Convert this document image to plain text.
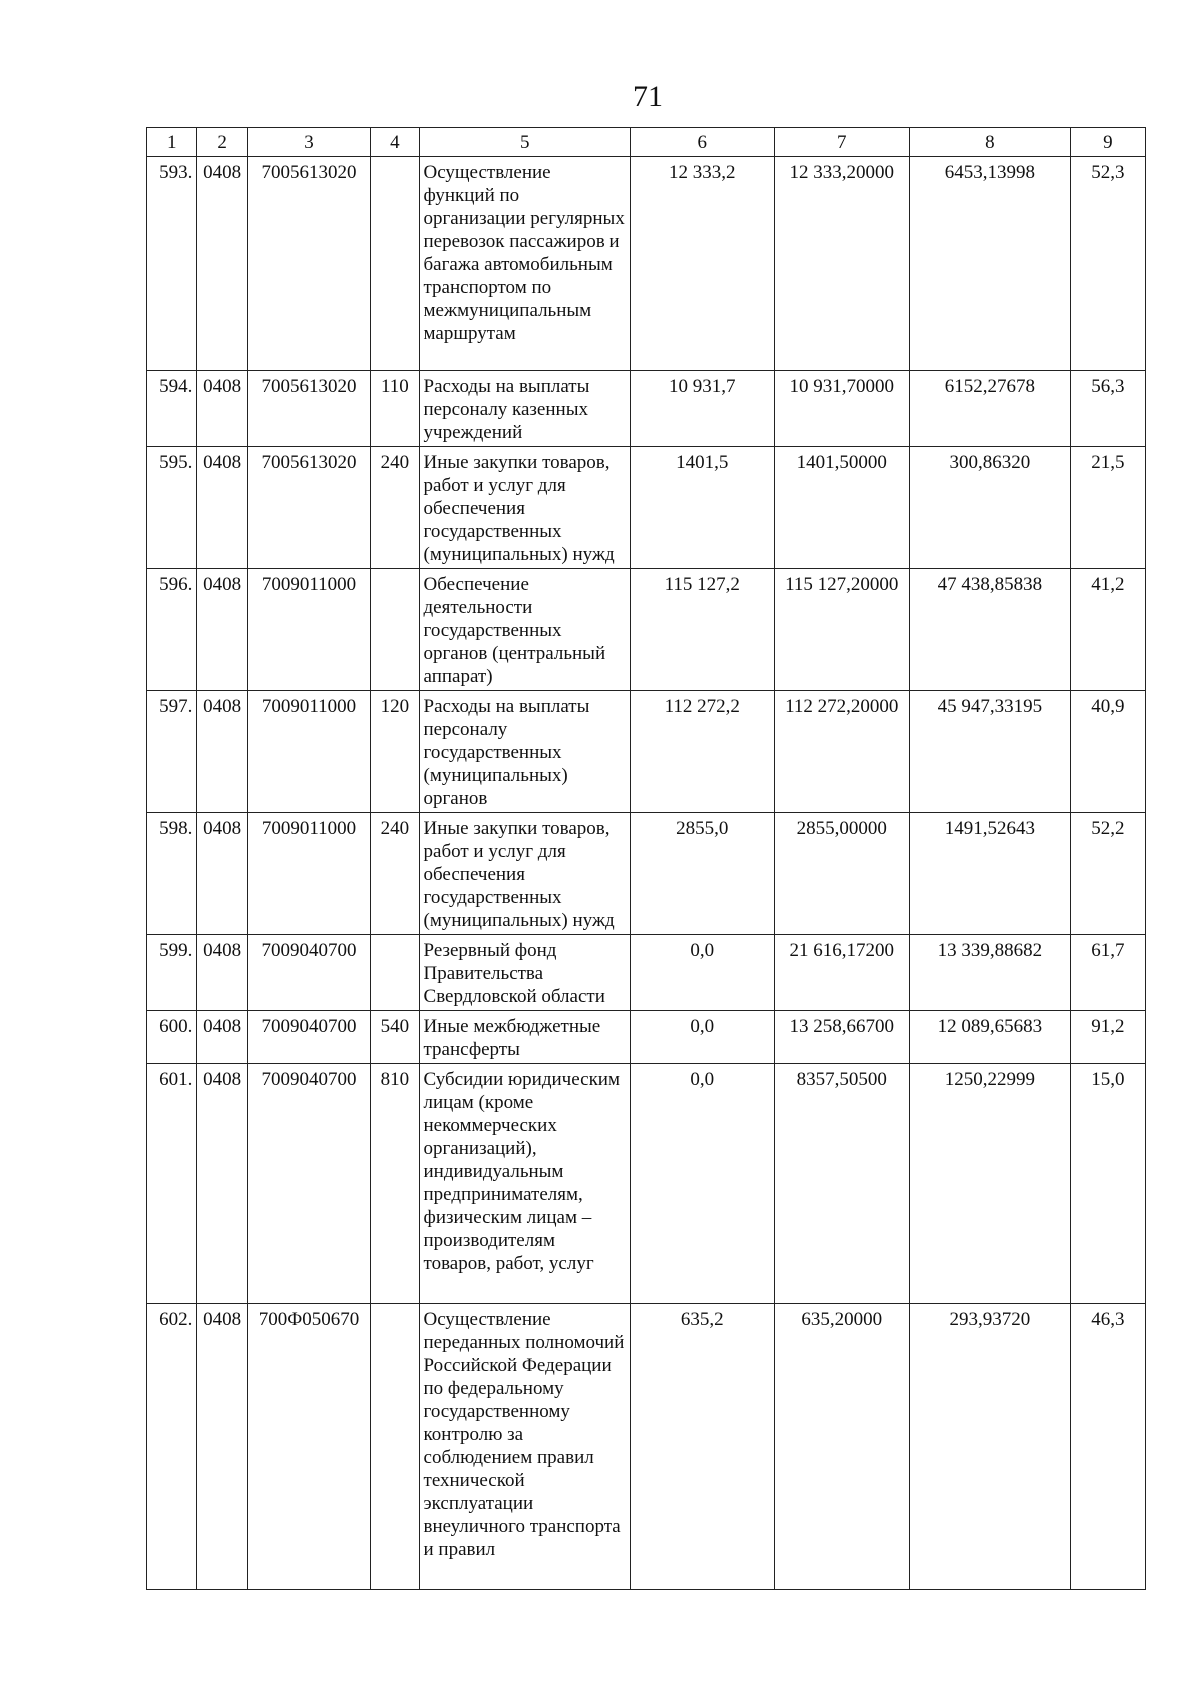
71
1	2	3	4	5	6	7	8	9
593.	0408	7005613020		Осуществление функций по организации регулярных перевозок пассажиров и багажа автомобильным транспортом по межмуниципальным маршрутам	12 333,2	12 333,20000	6453,13998	52,3
594.	0408	7005613020	110	Расходы на выплаты персоналу казенных учреждений	10 931,7	10 931,70000	6152,27678	56,3
595.	0408	7005613020	240	Иные закупки товаров, работ и услуг для обеспечения государственных (муниципальных) нужд	1401,5	1401,50000	300,86320	21,5
596.	0408	7009011000		Обеспечение деятельности государственных органов (центральный аппарат)	115 127,2	115 127,20000	47 438,85838	41,2
597.	0408	7009011000	120	Расходы на выплаты персоналу государственных (муниципальных) органов	112 272,2	112 272,20000	45 947,33195	40,9
598.	0408	7009011000	240	Иные закупки товаров, работ и услуг для обеспечения государственных (муниципальных) нужд	2855,0	2855,00000	1491,52643	52,2
599.	0408	7009040700		Резервный фонд Правительства Свердловской области	0,0	21 616,17200	13 339,88682	61,7
600.	0408	7009040700	540	Иные межбюджетные трансферты	0,0	13 258,66700	12 089,65683	91,2
601.	0408	7009040700	810	Субсидии юридическим лицам (кроме некоммерческих организаций), индивидуальным предпринимателям, физическим лицам – производителям товаров, работ, услуг	0,0	8357,50500	1250,22999	15,0
602.	0408	700Ф050670		Осуществление переданных полномочий Российской Федерации по федеральному государственному контролю за соблюдением правил технической эксплуатации внеуличного транспорта и правил	635,2	635,20000	293,93720	46,3
